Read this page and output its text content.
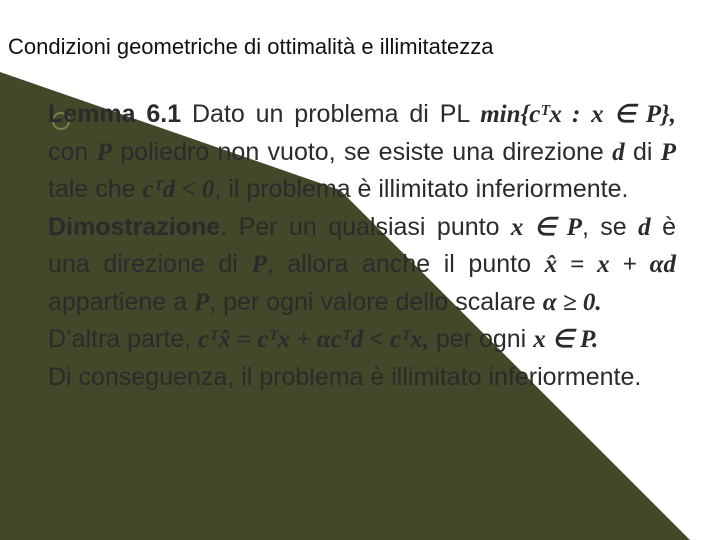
Condizioni geometriche di ottimalità e illimitatezza

Lemma 6.1 Dato un problema di PL min{cᵀx : x ∈ P}, con P poliedro non vuoto, se esiste una direzione d di P tale che cᵀd < 0, il problema è illimitato inferiormente.

Dimostrazione. Per un qualsiasi punto x ∈ P, se d è una direzione di P, allora anche il punto x̂ = x + αd appartiene a P, per ogni valore dello scalare α ≥ 0.

D’altra parte, cᵀx̂ = cᵀx + αcᵀd < cᵀx, per ogni x ∈ P.

Di conseguenza, il problema è illimitato inferiormente.
